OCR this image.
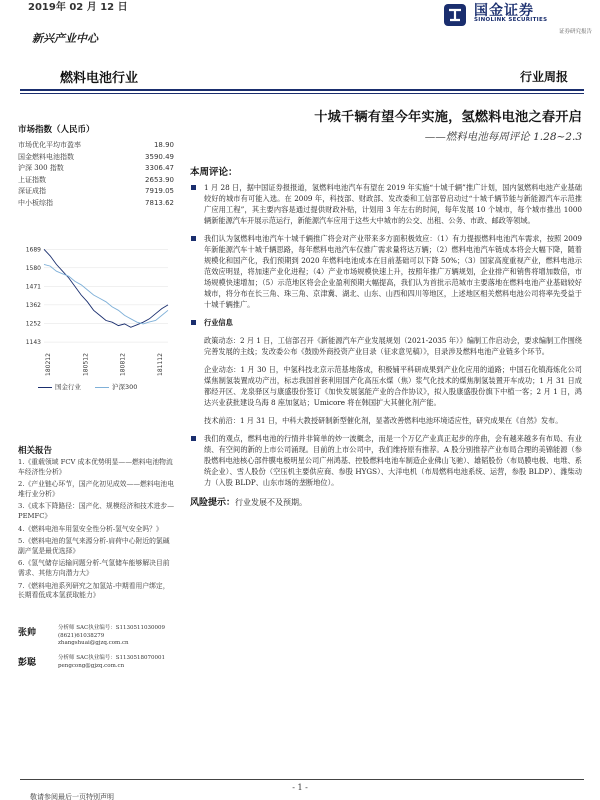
2019年 02 月 12 日	国金证券
SINOLINK SECURITIES
证券研究报告
新兴产业中心
燃料电池行业	行业周报
市场指数（人民币）
市场优化平均市盈率	18.90
国金燃料电池指数	3590.49
沪深 300 指数	3306.47
上证指数	2653.90
深证成指	7919.05
中小板综指	7813.62
1689
1580
1471
1362
1252
1143
180212	180512	180812	181112
国金行业	沪深300
相关报告
1.《重载领域 FCV 成本优势明显——燃料电池物流车经济性分析》
2.《产业链心环节，国产化初见成效——燃料电池电堆行业分析》
3.《成本下降路径：国产化、规模经济和技术进步—PEMFC》
4.《燃料电池车用氢安全性分析-氢气安全吗？》
5.《燃料电池的氢气来源分析-肩荷中心附近的氯碱副产氢是最优选择》
6.《氢气储存运输问题分析-气氢储车能够解决目前需求、其他方向潜力大》
7.《燃料电池系列研究之加氢站-中期看用户绑定，长期看低成本氢获取能力》
张帅	分析师 SAC执业编号：S1130511030009
(8621)61038279
zhangshuai@gjzq.com.cn
彭聪	分析师 SAC执业编号：S1130518070001
pengcong@gjzq.com.cn
十城千辆有望今年实施，氢燃料电池之春开启
——燃料电池每周评论 1.28~2.3
本周评论：
1 月 28 日，据中国证券报报道，氢燃料电池汽车有望在 2019 年实施“十城千辆”推广计划，国内氢燃料电池产业基础较好的城市有可能入选。在 2009 年，科技部、财政部、发改委和工信部曾启动过“十城千辆节能与新能源汽车示范推广应用工程”，其主要内容是通过提供财政补贴，计划用 3 年左右的时间，每年发展 10 个城市，每个城市推出 1000 辆新能源汽车开展示范运行，新能源汽车应用于这些大中城市的公交、出租、公务、市政、邮政等领域。
我们认为氢燃料电池汽车十城千辆推广将会对产业带来多方面积极效应：（1）有力提振燃料电池汽车需求，按照 2009 年新能源汽车十城千辆思路，每年燃料电池汽车仅推广需求量将达万辆；（2）燃料电池汽车链成本将会大幅下降，随着规模化和国产化，我们预期到 2020 年燃料电池成本在目前基础可以下降 50%；（3）国家高度重视产业，燃料电池示范效应明显，将加速产业化进程；（4）产业市场规模快速上升，按照年推广万辆规划，企业排产和销售将增加数倍，市场规模快速增加；（5）示范地区将会企业盈利预期大幅提高，我们认为首批示范城市主要落地在燃料电池产业基础较好城市，将分布在长三角、珠三角、京津冀、湖北、山东、山西和四川等地区，上述地区相关燃料电池公司将率先受益于十城千辆推广。
行业信息
政策动态：2 月 1 日，工信部召开《新能源汽车产业发展规划（2021-2035 年）》编制工作启动会，要求编制工作围绕完善发展的主线；发改委公布《鼓励外商投资产业目录（征求意见稿）》，目录涉及燃料电池产业链多个环节。
企业动态：1 月 30 日，中氢科技北京示范基地落成，积极铺平科研成果到产业化应用的道路；中国石化镇海炼化公司煤焦制氢装置成功产出，标志我国首套利用国产化高压水煤（焦）浆气化技术的煤焦制氢装置开车成功；1 月 31 日成都经开区、龙泉驿区与康盛股份签订《加快发展氢能产业的合作协议》，拟入股康盛股份旗下中植一客；2 月 1 日，鸿达兴业获批建设乌海 8 座加氢站；Umicore 将在韩国扩大其催化剂产能。
技术前沿：1 月 31 日，中科大教授研制新型催化剂，显著改善燃料电池环境适应性，研究成果在《自然》发布。
我们的观点，燃料电池的行情并非简单的炒一波概念，而是一个万亿产业真正起步的序曲，会有越来越多有布局、有业绩、有空间的新的上市公司涌现。目前的上市公司中，我们维持原有推荐。A 股分别推荐产业布局合理的美锦能源（参股燃料电池核心部件膜电极明星公司广州鸿基、控股燃料电池车制造企业佛山飞驰）、雄韬股份（布局膜电极、电堆、系统企业）、雪人股份（空压机主要供应商、参股 HYGS）、大洋电机（布局燃料电池系统、运营，参股 BLDP）、潍柴动力（入股 BLDP、山东市场的垄断地位）。
风险提示：行业发展不及预期。
- 1 -
敬请参阅最后一页特别声明
